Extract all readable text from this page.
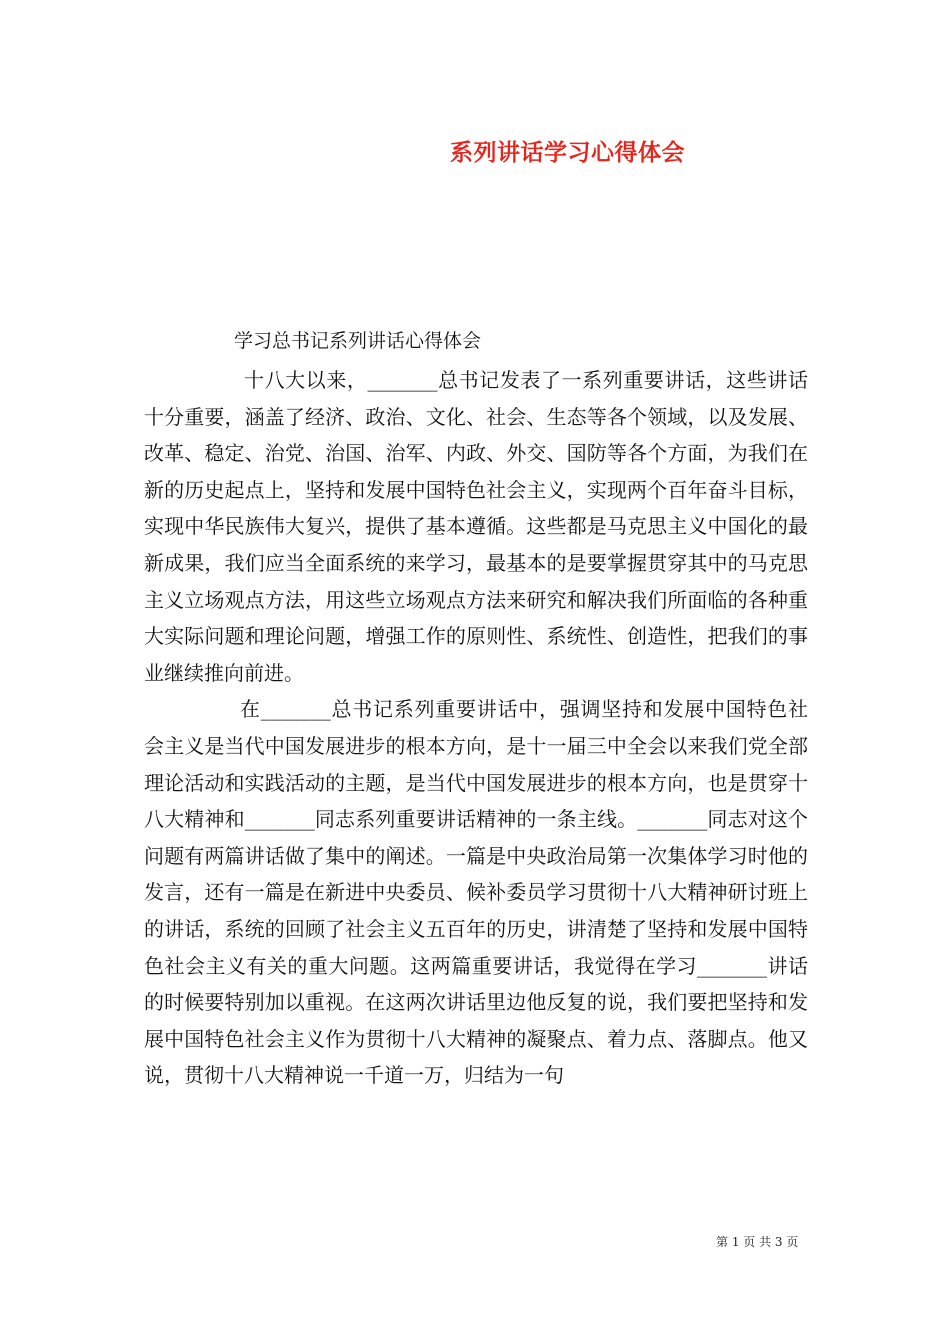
系列讲话学习心得体会
学习总书记系列讲话心得体会

十八大以来，_______总书记发表了一系列重要讲话，这些讲话十分重要，涵盖了经济、政治、文化、社会、生态等各个领域，以及发展、改革、稳定、治党、治国、治军、内政、外交、国防等各个方面，为我们在新的历史起点上，坚持和发展中国特色社会主义，实现两个百年奋斗目标，实现中华民族伟大复兴，提供了基本遵循。这些都是马克思主义中国化的最新成果，我们应当全面系统的来学习，最基本的是要掌握贯穿其中的马克思主义立场观点方法，用这些立场观点方法来研究和解决我们所面临的各种重大实际问题和理论问题，增强工作的原则性、系统性、创造性，把我们的事业继续推向前进。

在_______总书记系列重要讲话中，强调坚持和发展中国特色社会主义是当代中国发展进步的根本方向，是十一届三中全会以来我们党全部理论活动和实践活动的主题，是当代中国发展进步的根本方向，也是贯穿十八大精神和_______同志系列重要讲话精神的一条主线。_______同志对这个问题有两篇讲话做了集中的阐述。一篇是中央政治局第一次集体学习时他的发言，还有一篇是在新进中央委员、候补委员学习贯彻十八大精神研讨班上的讲话，系统的回顾了社会主义五百年的历史，讲清楚了坚持和发展中国特色社会主义有关的重大问题。这两篇重要讲话，我觉得在学习_______讲话的时候要特别加以重视。在这两次讲话里边他反复的说，我们要把坚持和发展中国特色社会主义作为贯彻十八大精神的凝聚点、着力点、落脚点。他又说，贯彻十八大精神说一千道一万，归结为一句

第 1 页 共 3 页
